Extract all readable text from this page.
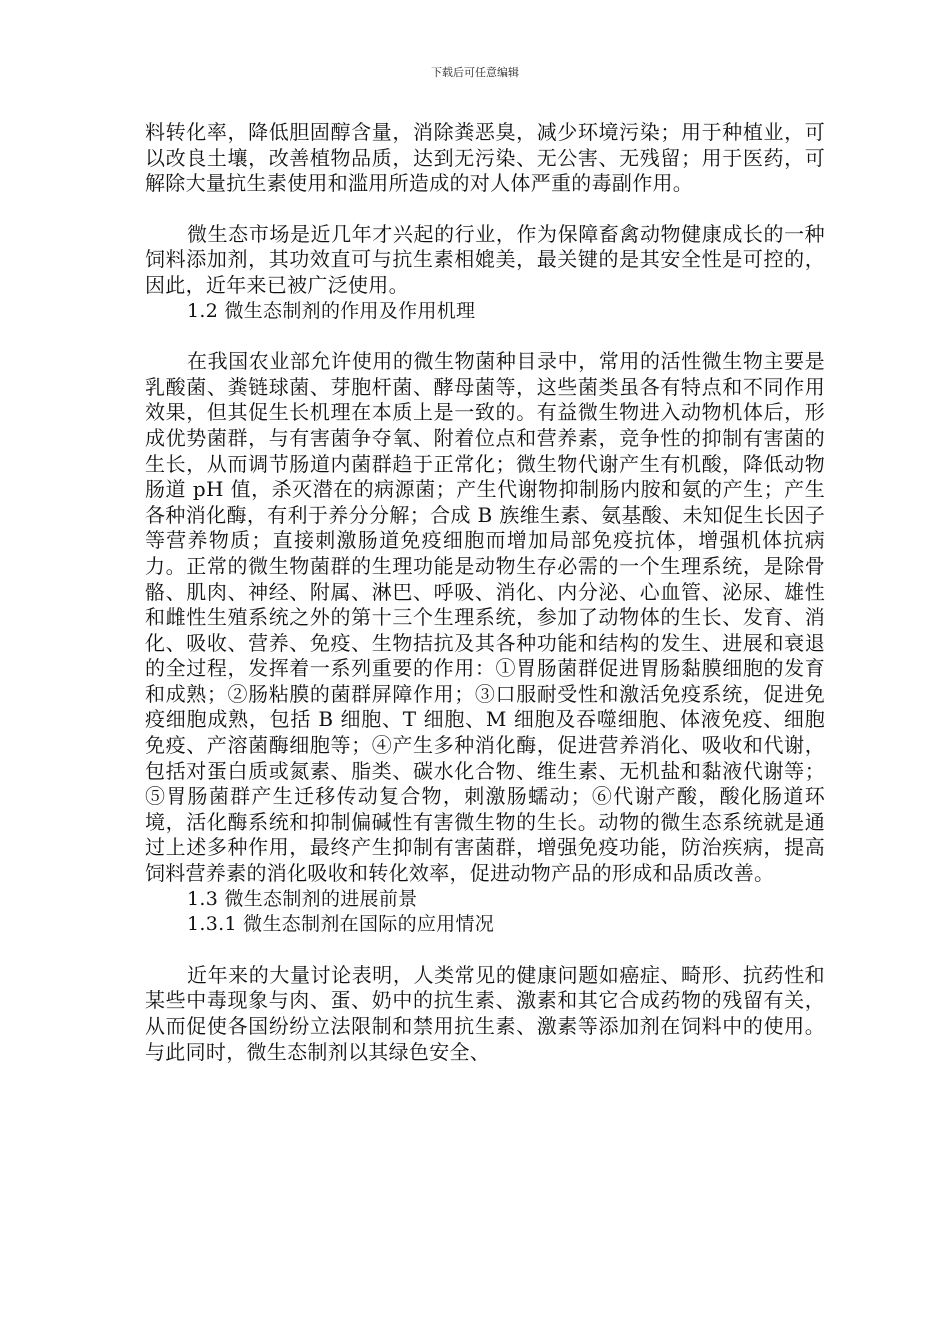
下载后可任意编辑

料转化率，降低胆固醇含量，消除粪恶臭，减少环境污染；用于种植业，可以改良土壤，改善植物品质，达到无污染、无公害、无残留；用于医药，可解除大量抗生素使用和滥用所造成的对人体严重的毒副作用。

微生态市场是近几年才兴起的行业，作为保障畜禽动物健康成长的一种饲料添加剂，其功效直可与抗生素相媲美，最关键的是其安全性是可控的，因此，近年来已被广泛使用。

1.2 微生态制剂的作用及作用机理

在我国农业部允许使用的微生物菌种目录中，常用的活性微生物主要是乳酸菌、粪链球菌、芽胞杆菌、酵母菌等，这些菌类虽各有特点和不同作用效果，但其促生长机理在本质上是一致的。有益微生物进入动物机体后，形成优势菌群，与有害菌争夺氧、附着位点和营养素，竞争性的抑制有害菌的生长，从而调节肠道内菌群趋于正常化；微生物代谢产生有机酸，降低动物肠道 pH 值，杀灭潜在的病源菌；产生代谢物抑制肠内胺和氨的产生；产生各种消化酶，有利于养分分解；合成 B 族维生素、氨基酸、未知促生长因子等营养物质；直接刺激肠道免疫细胞而增加局部免疫抗体，增强机体抗病力。正常的微生物菌群的生理功能是动物生存必需的一个生理系统，是除骨骼、肌肉、神经、附属、淋巴、呼吸、消化、内分泌、心血管、泌尿、雄性和雌性生殖系统之外的第十三个生理系统，参加了动物体的生长、发育、消化、吸收、营养、免疫、生物拮抗及其各种功能和结构的发生、进展和衰退的全过程，发挥着一系列重要的作用：①胃肠菌群促进胃肠黏膜细胞的发育和成熟；②肠粘膜的菌群屏障作用；③口服耐受性和激活免疫系统，促进免疫细胞成熟，包括 B 细胞、T 细胞、M 细胞及吞噬细胞、体液免疫、细胞免疫、产溶菌酶细胞等；④产生多种消化酶，促进营养消化、吸收和代谢，包括对蛋白质或氮素、脂类、碳水化合物、维生素、无机盐和黏液代谢等；⑤胃肠菌群产生迁移传动复合物，刺激肠蠕动；⑥代谢产酸，酸化肠道环境，活化酶系统和抑制偏碱性有害微生物的生长。动物的微生态系统就是通过上述多种作用，最终产生抑制有害菌群，增强免疫功能，防治疾病，提高饲料营养素的消化吸收和转化效率，促进动物产品的形成和品质改善。

1.3 微生态制剂的进展前景

1.3.1 微生态制剂在国际的应用情况

近年来的大量讨论表明，人类常见的健康问题如癌症、畸形、抗药性和某些中毒现象与肉、蛋、奶中的抗生素、激素和其它合成药物的残留有关，从而促使各国纷纷立法限制和禁用抗生素、激素等添加剂在饲料中的使用。与此同时，微生态制剂以其绿色安全、
